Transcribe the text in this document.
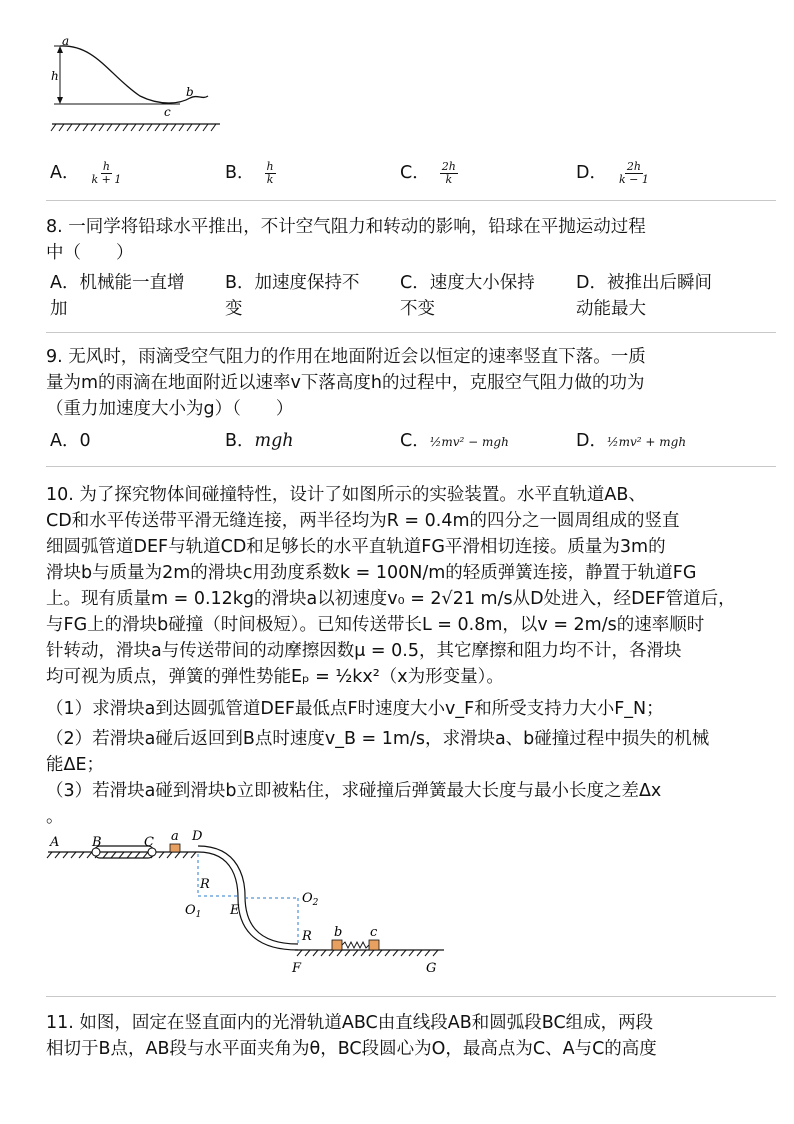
a
h
b
c
A． $\frac{h}{k + 1}$	B． $\frac{h}{k}$	C． $\frac{2h}{k}$	D． $\frac{2h}{k - 1}$
8. 一同学将铅球水平推出，不计空气阻力和转动的影响，铅球在平抛运动过程
中（　　）
A．机械能一直增
加
B．加速度保持不
变
C．速度大小保持
不变
D．被推出后瞬间
动能最大
9. 无风时，雨滴受空气阻力的作用在地面附近会以恒定的速率竖直下落。一质
量为m的雨滴在地面附近以速率v下落高度h的过程中，克服空气阻力做的功为
（重力加速度大小为g）（　　）
A．0	B．mgh	C．½mv² − mgh	D．½mv² + mgh
10. 为了探究物体间碰撞特性，设计了如图所示的实验装置。水平直轨道AB、
CD和水平传送带平滑无缝连接，两半径均为R = 0.4m的四分之一圆周组成的竖直
细圆弧管道DEF与轨道CD和足够长的水平直轨道FG平滑相切连接。质量为3m的
滑块b与质量为2m的滑块c用劲度系数k = 100N/m的轻质弹簧连接，静置于轨道FG
上。现有质量m = 0.12kg的滑块a以初速度v₀ = 2√21 m/s从D处进入，经DEF管道后，
与FG上的滑块b碰撞（时间极短）。已知传送带长L = 0.8m，以v = 2m/s的速率顺时
针转动，滑块a与传送带间的动摩擦因数μ = 0.5，其它摩擦和阻力均不计，各滑块
均可视为质点，弹簧的弹性势能Eₚ = ½kx²（x为形变量）。
（1）求滑块a到达圆弧管道DEF最低点F时速度大小v_F和所受支持力大小F_N；
（2）若滑块a碰后返回到B点时速度v_B = 1m/s，求滑块a、b碰撞过程中损失的机械
能ΔE；
（3）若滑块a碰到滑块b立即被粘住，求碰撞后弹簧最大长度与最小长度之差Δx
。
A	B	C a D
R
$O_1$ E
$O_2$
R b c
F	G
11. 如图，固定在竖直面内的光滑轨道ABC由直线段AB和圆弧段BC组成，两段
相切于B点，AB段与水平面夹角为θ，BC段圆心为O，最高点为C、A与C的高度
